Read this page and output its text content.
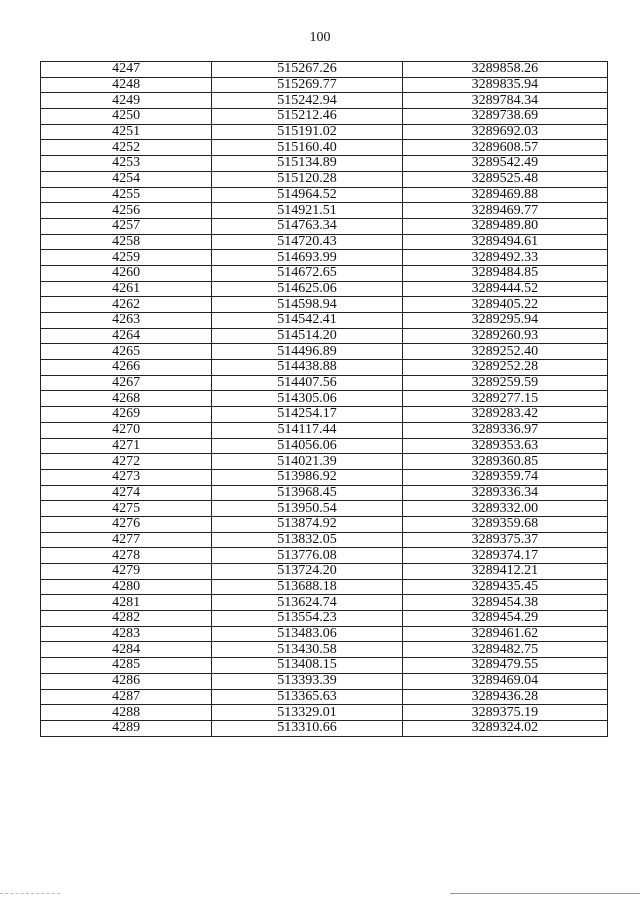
100
4247	515267.26	3289858.26
4248	515269.77	3289835.94
4249	515242.94	3289784.34
4250	515212.46	3289738.69
4251	515191.02	3289692.03
4252	515160.40	3289608.57
4253	515134.89	3289542.49
4254	515120.28	3289525.48
4255	514964.52	3289469.88
4256	514921.51	3289469.77
4257	514763.34	3289489.80
4258	514720.43	3289494.61
4259	514693.99	3289492.33
4260	514672.65	3289484.85
4261	514625.06	3289444.52
4262	514598.94	3289405.22
4263	514542.41	3289295.94
4264	514514.20	3289260.93
4265	514496.89	3289252.40
4266	514438.88	3289252.28
4267	514407.56	3289259.59
4268	514305.06	3289277.15
4269	514254.17	3289283.42
4270	514117.44	3289336.97
4271	514056.06	3289353.63
4272	514021.39	3289360.85
4273	513986.92	3289359.74
4274	513968.45	3289336.34
4275	513950.54	3289332.00
4276	513874.92	3289359.68
4277	513832.05	3289375.37
4278	513776.08	3289374.17
4279	513724.20	3289412.21
4280	513688.18	3289435.45
4281	513624.74	3289454.38
4282	513554.23	3289454.29
4283	513483.06	3289461.62
4284	513430.58	3289482.75
4285	513408.15	3289479.55
4286	513393.39	3289469.04
4287	513365.63	3289436.28
4288	513329.01	3289375.19
4289	513310.66	3289324.02
